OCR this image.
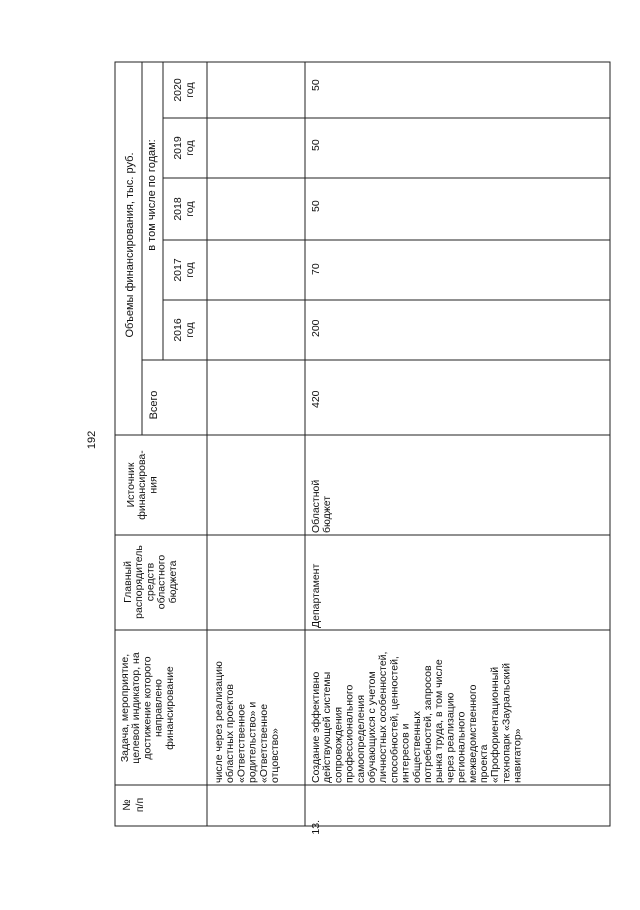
192
№ п/п
Задача, мероприятие, целевой индикатор, на достижение которого направлено финансирование
Главный распорядитель средств областного бюджета
Источник финансирова- ния
Объемы финансирования, тыс. руб.
Всего
в том числе по годам:
2016 год
2017 год
2018 год
2019 год
2020 год
числе через реализацию областных проектов «Ответственное родительство» и «Ответственное отцовство»
13.
Создание эффективно действующей системы сопровождения профессионального самоопределения обучающихся с учетом личностных особенностей, способностей, ценностей, интересов и общественных потребностей, запросов рынка труда, в том числе через реализацию регионального межведомственного проекта «Профориентационный технопарк «Зауральский навигатор»
Департамент
Областной бюджет
420
200
70
50
50
50
